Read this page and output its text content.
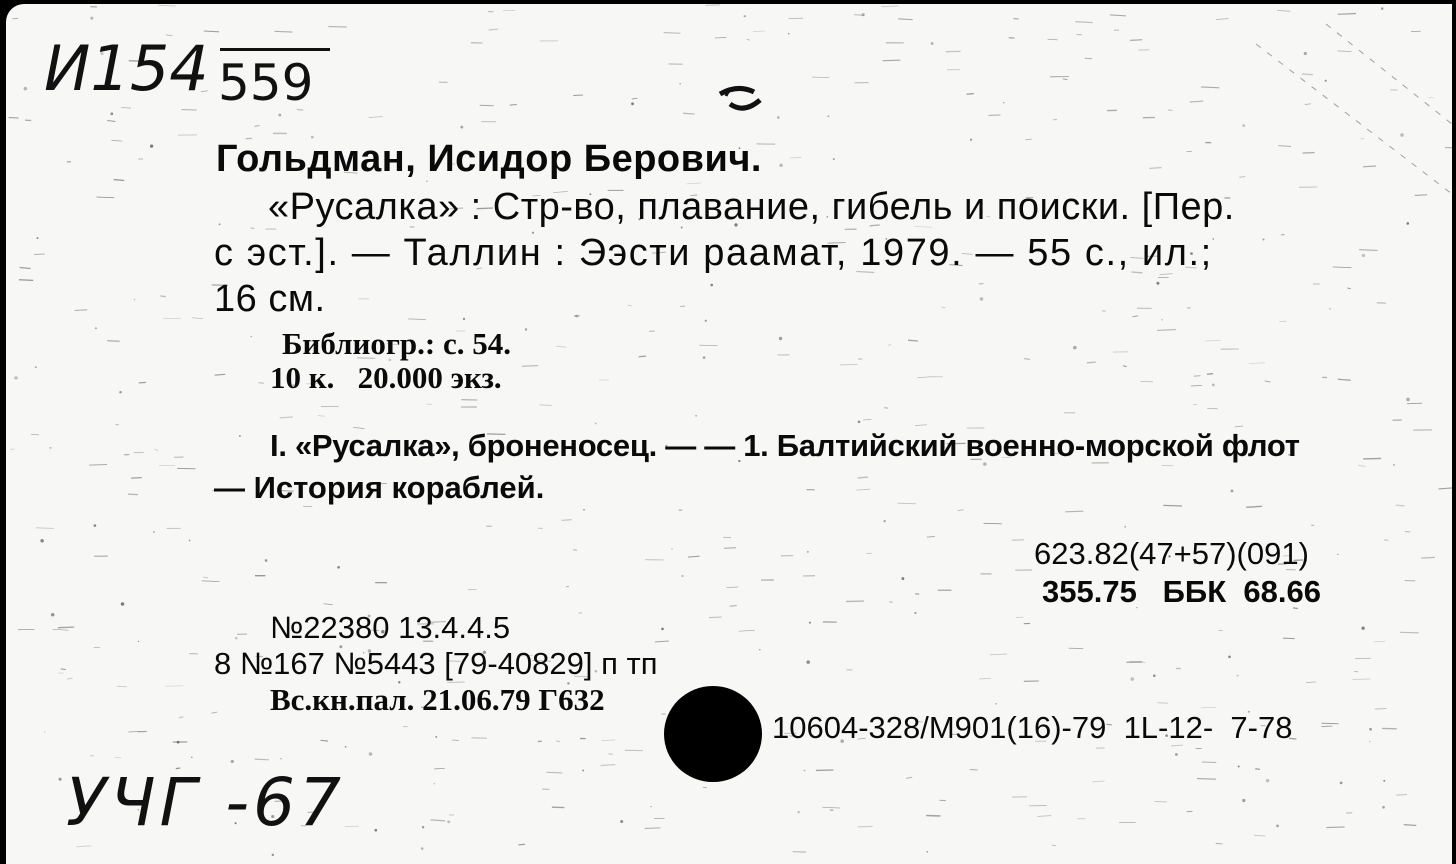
И154 559
Гольдман, Исидор Берович.
«Русалка» : Стр-во, плавание, гибель и поиски. [Пер.
с эст.]. — Таллин : Ээсти раамат, 1979. — 55 с., ил.;
16 см.
Библиогр.: с. 54.
10 к.   20.000 экз.
I. «Русалка», броненосец. — — 1. Балтийский военно-морской флот
— История кораблей.
623.82(47+57)(091)
355.75   ББК  68.66
№22380 13.4.4.5
8 №167 №5443 [79-40829] п тп
Вс.кн.пал. 21.06.79 Г632
10604-328/М901(16)-79  1L-12-  7-78
УЧГ -67
